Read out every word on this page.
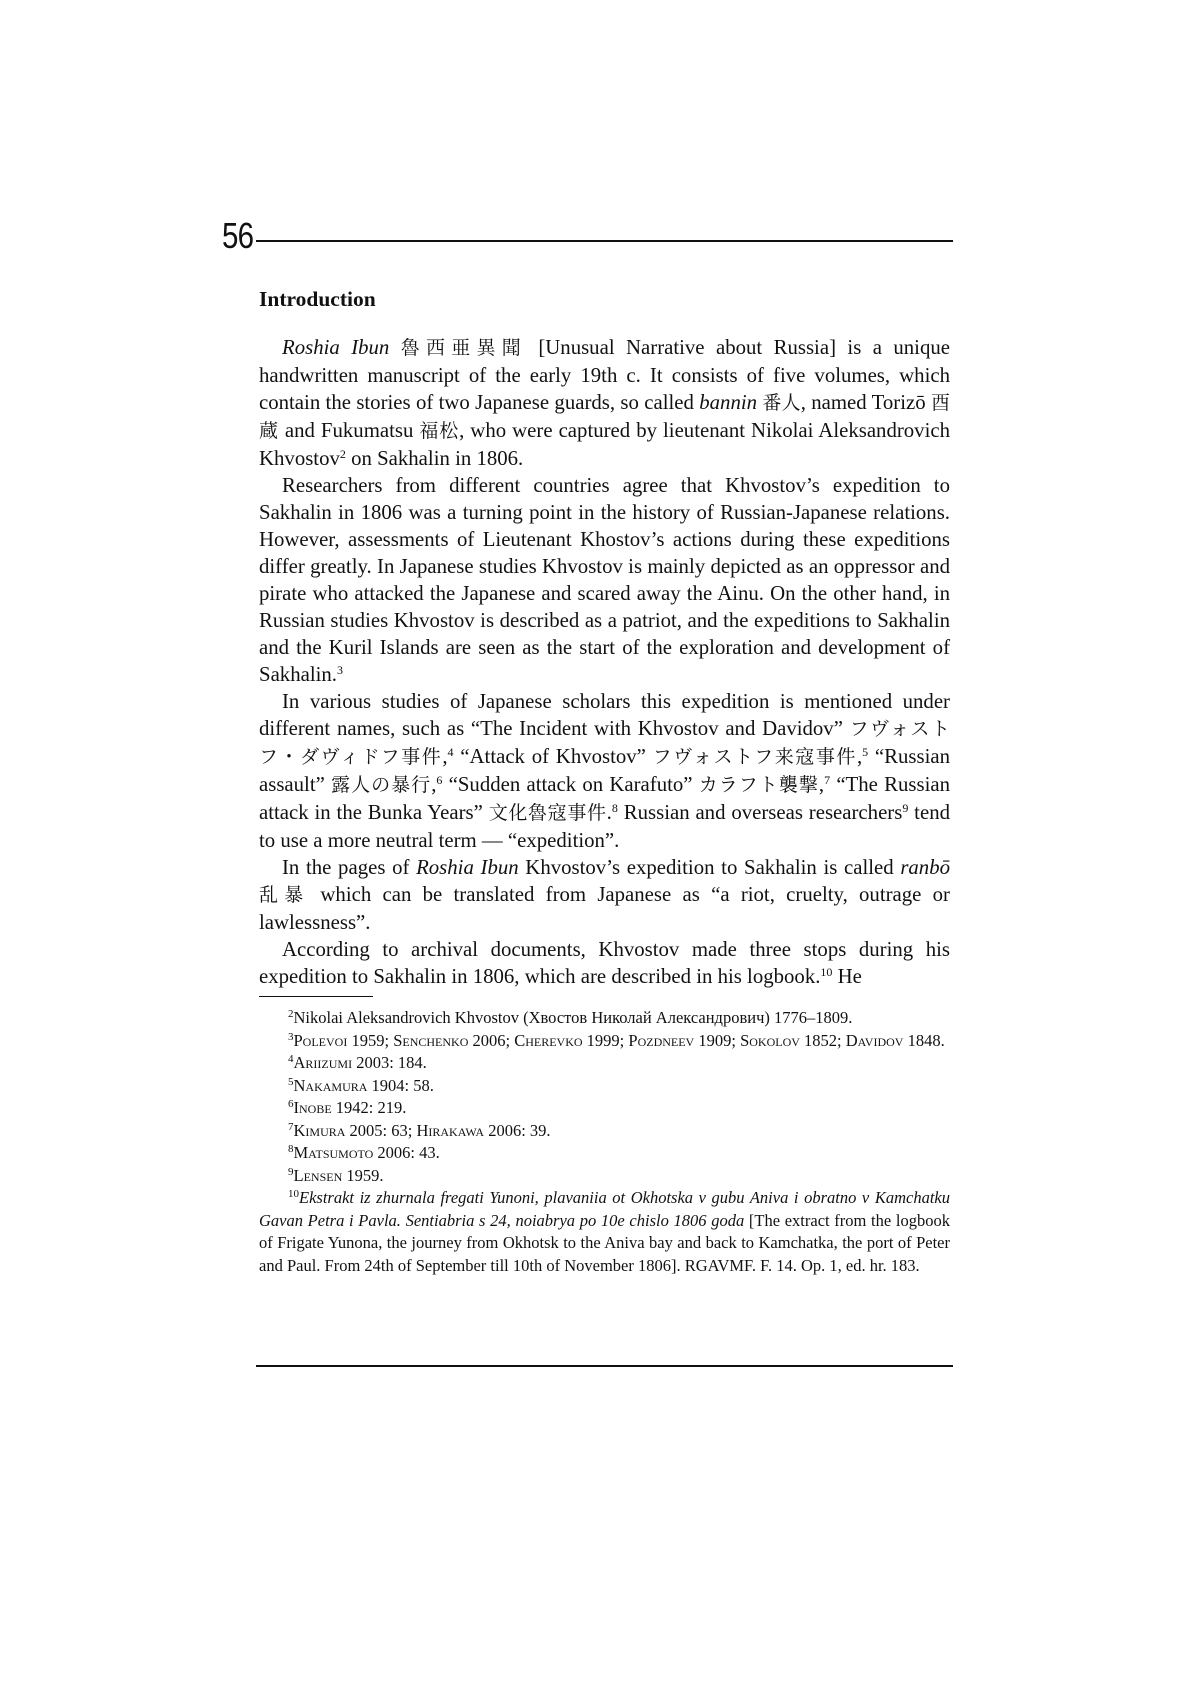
56
Introduction

Roshia Ibun 魯西亜異聞 [Unusual Narrative about Russia] is a unique handwritten manuscript of the early 19th c. It consists of five volumes, which contain the stories of two Japanese guards, so called bannin 番人, named Torizō 酉蔵 and Fukumatsu 福松, who were captured by lieutenant Nikolai Aleksandrovich Khvostov$^2$ on Sakhalin in 1806.

Researchers from different countries agree that Khvostov’s expedition to Sakhalin in 1806 was a turning point in the history of Russian-Japanese relations. However, assessments of Lieutenant Khostov’s actions during these expeditions differ greatly. In Japanese studies Khvostov is mainly depicted as an oppressor and pirate who attacked the Japanese and scared away the Ainu. On the other hand, in Russian studies Khvostov is described as a patriot, and the expeditions to Sakhalin and the Kuril Islands are seen as the start of the exploration and development of Sakhalin.$^3$

In various studies of Japanese scholars this expedition is mentioned under different names, such as “The Incident with Khvostov and Davidov” フヴォストフ・ダヴィドフ事件,$^4$ “Attack of Khvostov” フヴォストフ来寇事件,$^5$ “Russian assault” 露人の暴行,$^6$ “Sudden attack on Karafuto” カラフト襲撃,$^7$ “The Russian attack in the Bunka Years” 文化魯寇事件.$^8$ Russian and overseas researchers$^9$ tend to use a more neutral term — “expedition”.

In the pages of Roshia Ibun Khvostov’s expedition to Sakhalin is called ranbō 乱暴 which can be translated from Japanese as “a riot, cruelty, outrage or lawlessness”.

According to archival documents, Khvostov made three stops during his expedition to Sakhalin in 1806, which are described in his logbook.$^{10}$ He

$^2$Nikolai Aleksandrovich Khvostov (Хвостов Николай Александрович) 1776–1809.

$^3$Polevoi 1959; Senchenko 2006; Cherevko 1999; Pozdneev 1909; Sokolov 1852; Davidov 1848.

$^4$Ariizumi 2003: 184.

$^5$Nakamura 1904: 58.

$^6$Inobe 1942: 219.

$^7$Kimura 2005: 63; Hirakawa 2006: 39.

$^8$Matsumoto 2006: 43.

$^9$Lensen 1959.

$^{10}$Ekstrakt iz zhurnala fregati Yunoni, plavaniia ot Okhotska v gubu Aniva i obratno v Kamchatku Gavan Petra i Pavla. Sentiabria s 24, noiabrya po 10e chislo 1806 goda [The extract from the logbook of Frigate Yunona, the journey from Okhotsk to the Aniva bay and back to Kamchatka, the port of Peter and Paul. From 24th of September till 10th of November 1806]. RGAVMF. F. 14. Op. 1, ed. hr. 183.
